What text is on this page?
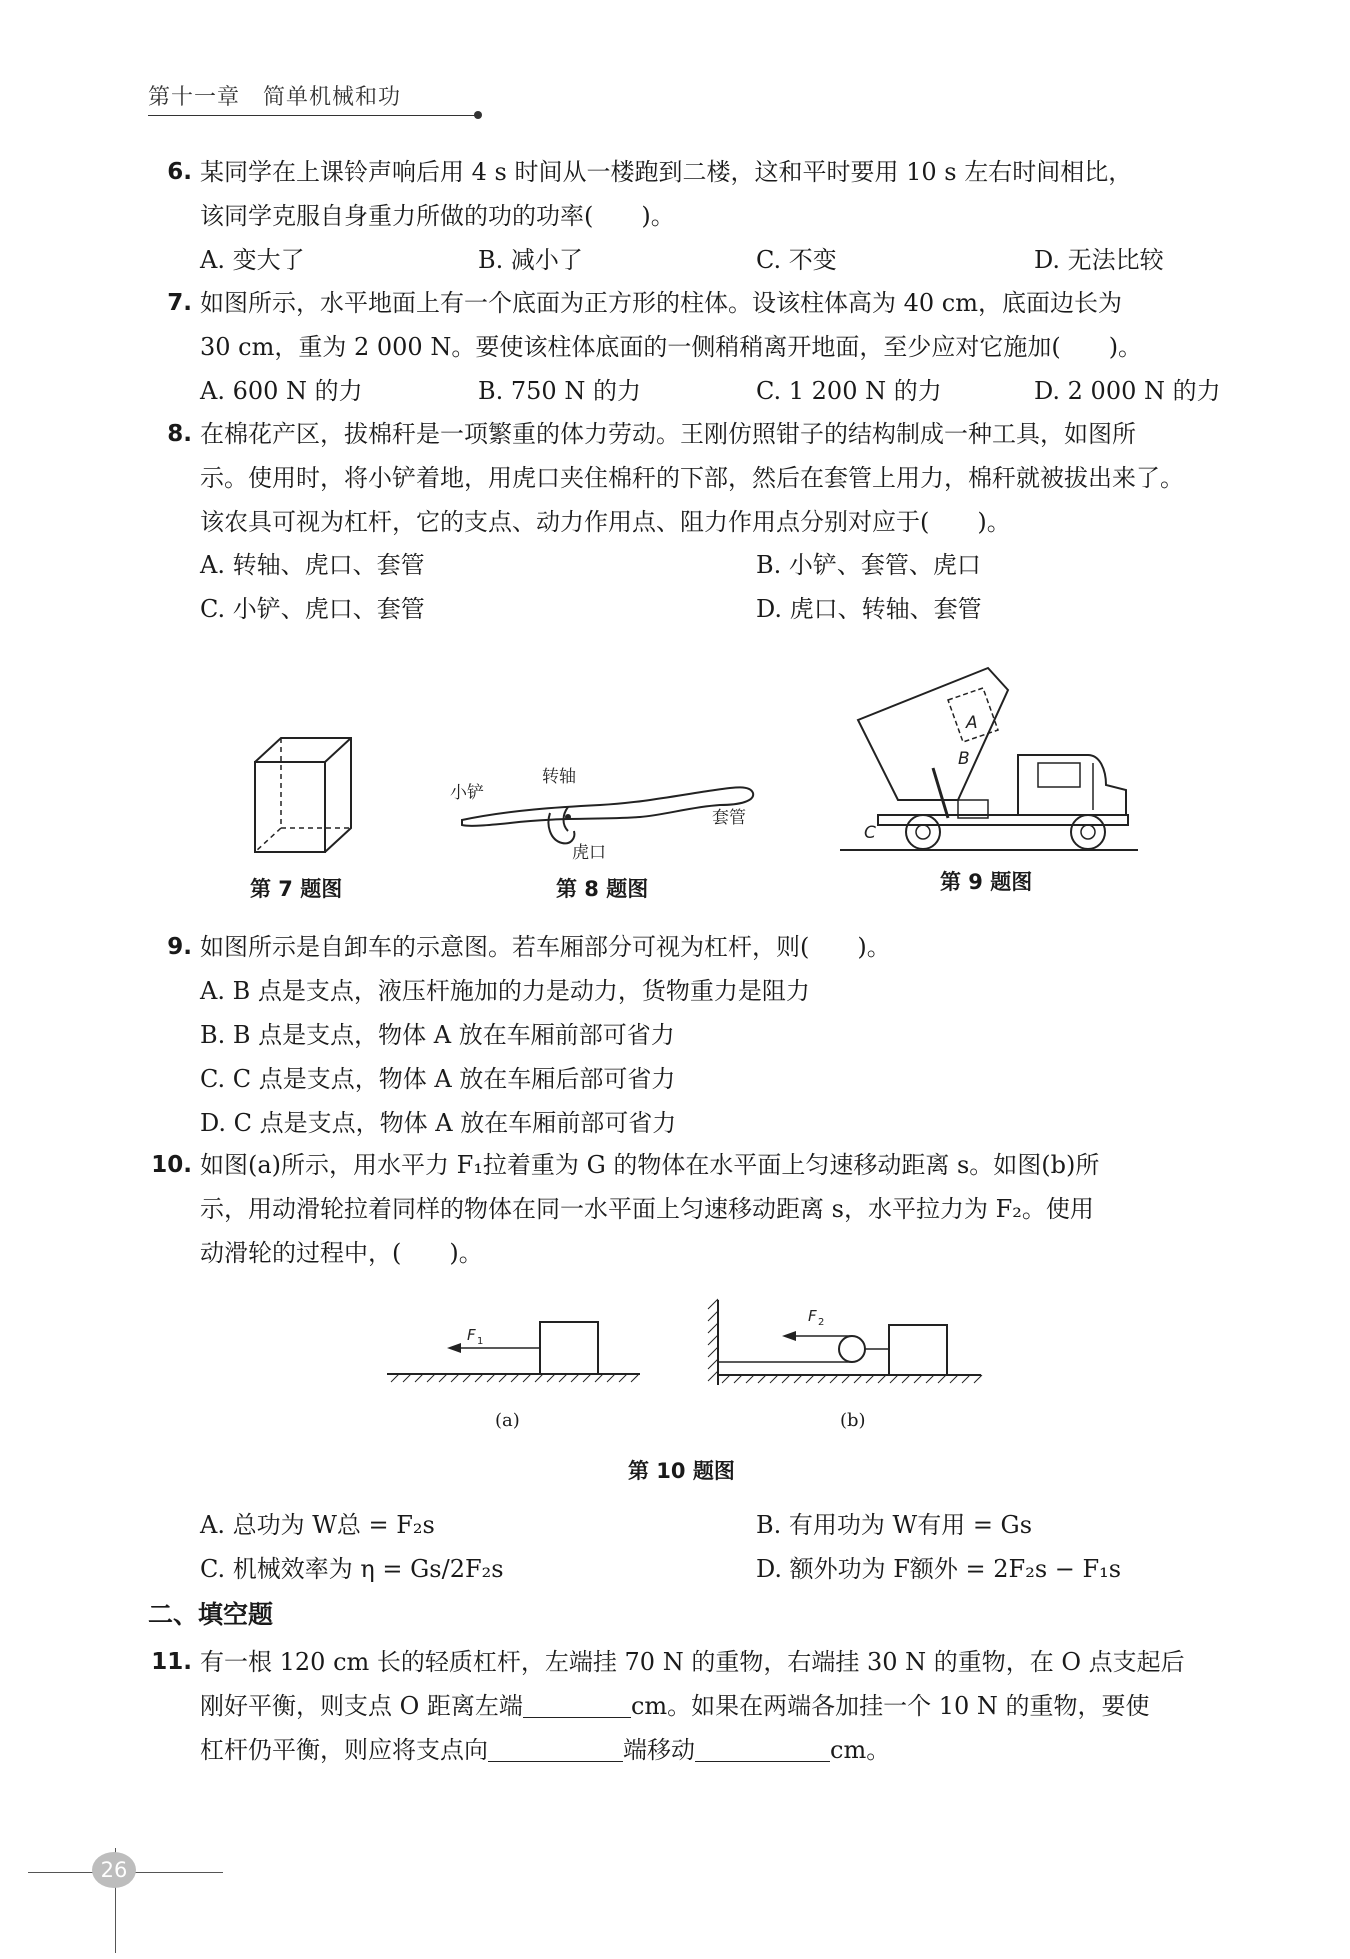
第十一章　简单机械和功
6. 某同学在上课铃声响后用 4 s 时间从一楼跑到二楼，这和平时要用 10 s 左右时间相比，
该同学克服自身重力所做的功的功率(　　)。
A. 变大了	B. 减小了	C. 不变	D. 无法比较
7. 如图所示，水平地面上有一个底面为正方形的柱体。设该柱体高为 40 cm，底面边长为
30 cm，重为 2 000 N。要使该柱体底面的一侧稍稍离开地面，至少应对它施加(　　)。
A. 600 N 的力	B. 750 N 的力	C. 1 200 N 的力	D. 2 000 N 的力
8. 在棉花产区，拔棉秆是一项繁重的体力劳动。王刚仿照钳子的结构制成一种工具，如图所
示。使用时，将小铲着地，用虎口夹住棉秆的下部，然后在套管上用力，棉秆就被拔出来了。
该农具可视为杠杆，它的支点、动力作用点、阻力作用点分别对应于(　　)。
A. 转轴、虎口、套管	B. 小铲、套管、虎口
C. 小铲、虎口、套管	D. 虎口、转轴、套管
第 7 题图
小铲
转轴
虎口
套管
第 8 题图
A
B
C
第 9 题图
9. 如图所示是自卸车的示意图。若车厢部分可视为杠杆，则(　　)。
A. B 点是支点，液压杆施加的力是动力，货物重力是阻力
B. B 点是支点，物体 A 放在车厢前部可省力
C. C 点是支点，物体 A 放在车厢后部可省力
D. C 点是支点，物体 A 放在车厢前部可省力
10. 如图(a)所示，用水平力 F₁拉着重为 G 的物体在水平面上匀速移动距离 s。如图(b)所
示，用动滑轮拉着同样的物体在同一水平面上匀速移动距离 s，水平拉力为 F₂。使用
动滑轮的过程中，(　　)。
F 1
(a)
F 2
(b)
第 10 题图
A. 总功为 W总 = F₂s	B. 有用功为 W有用 = Gs
C. 机械效率为 η = Gs/2F₂s	D. 额外功为 F额外 = 2F₂s − F₁s
二、填空题
11. 有一根 120 cm 长的轻质杠杆，左端挂 70 N 的重物，右端挂 30 N 的重物，在 O 点支起后
刚好平衡，则支点 O 距离左端	cm。如果在两端各加挂一个 10 N 的重物，要使
杠杆仍平衡，则应将支点向	端移动	cm。
26
